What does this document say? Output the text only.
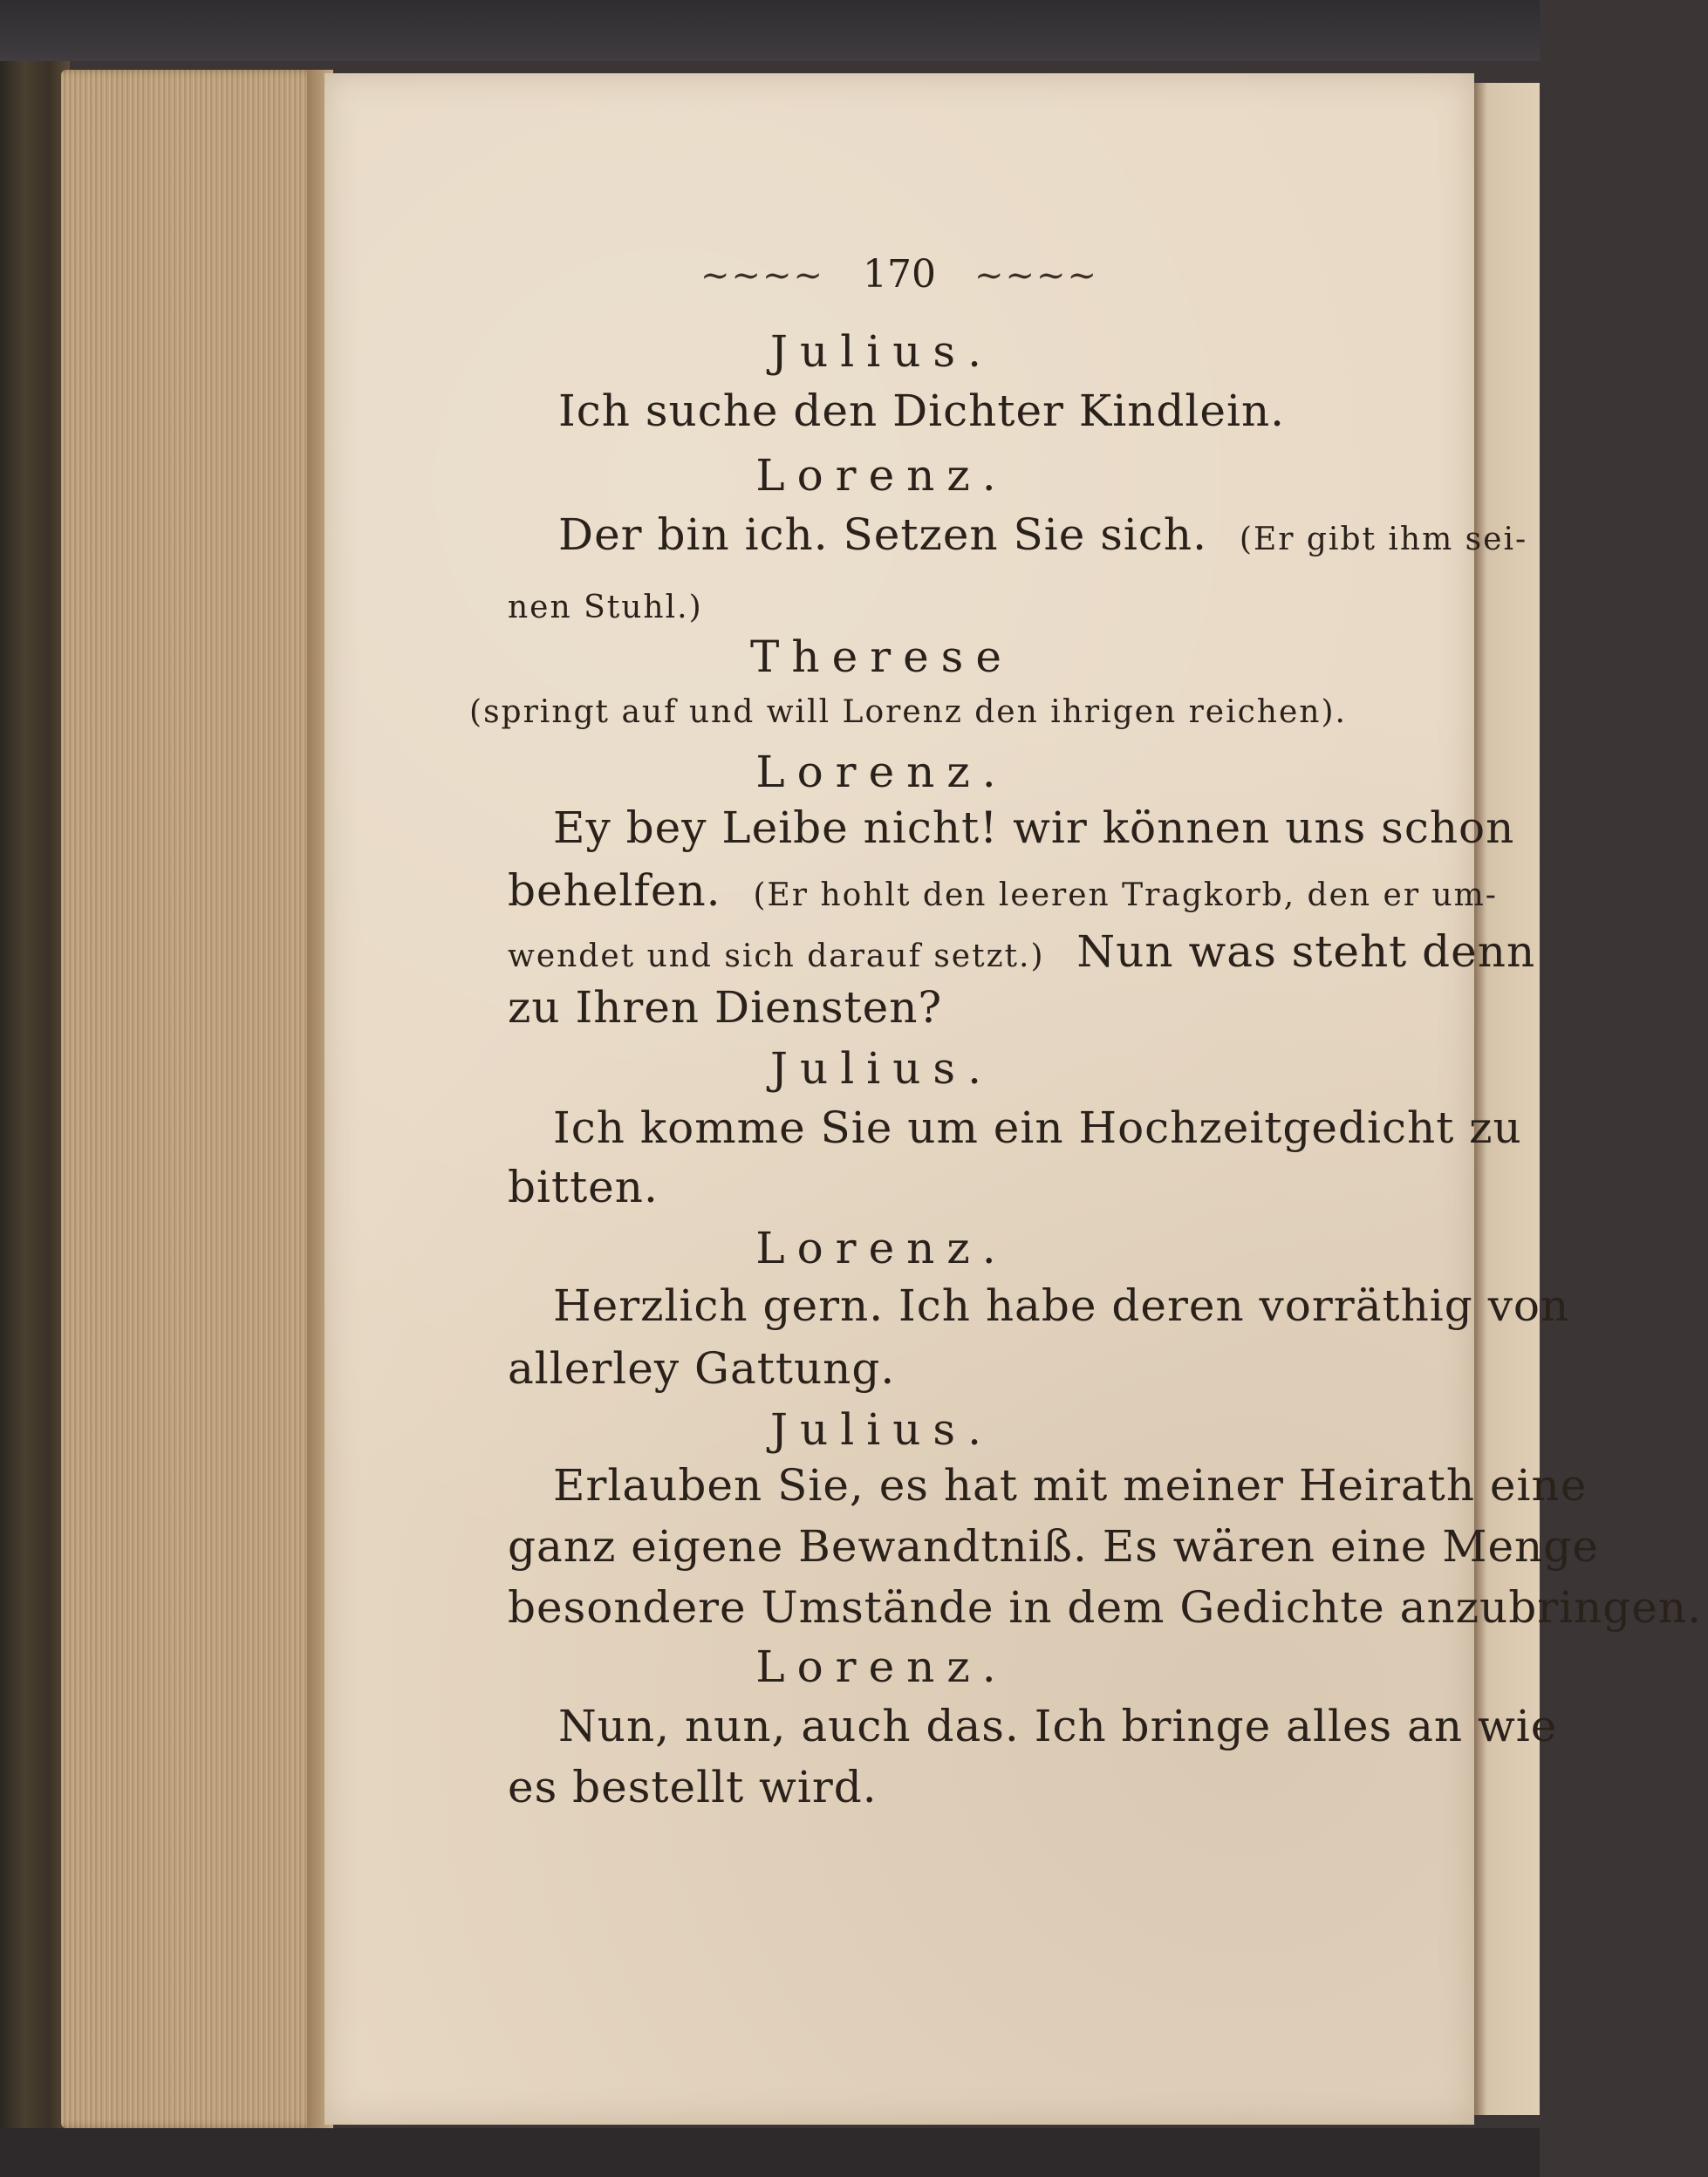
~~~~ 170 ~~~~
Julius.
Ich suche den Dichter Kindlein.
Lorenz.
Der bin ich. Setzen Sie sich. (Er gibt ihm sei-
nen Stuhl.)
Therese
(springt auf und will Lorenz den ihrigen reichen).
Lorenz.
Ey bey Leibe nicht! wir können uns schon
behelfen. (Er hohlt den leeren Tragkorb, den er um-
wendet und sich darauf setzt.) Nun was steht denn
zu Ihren Diensten?
Julius.
Ich komme Sie um ein Hochzeitgedicht zu
bitten.
Lorenz.
Herzlich gern. Ich habe deren vorräthig von
allerley Gattung.
Julius.
Erlauben Sie, es hat mit meiner Heirath eine
ganz eigene Bewandtniß. Es wären eine Menge
besondere Umstände in dem Gedichte anzubringen.
Lorenz.
Nun, nun, auch das. Ich bringe alles an wie
es bestellt wird.
